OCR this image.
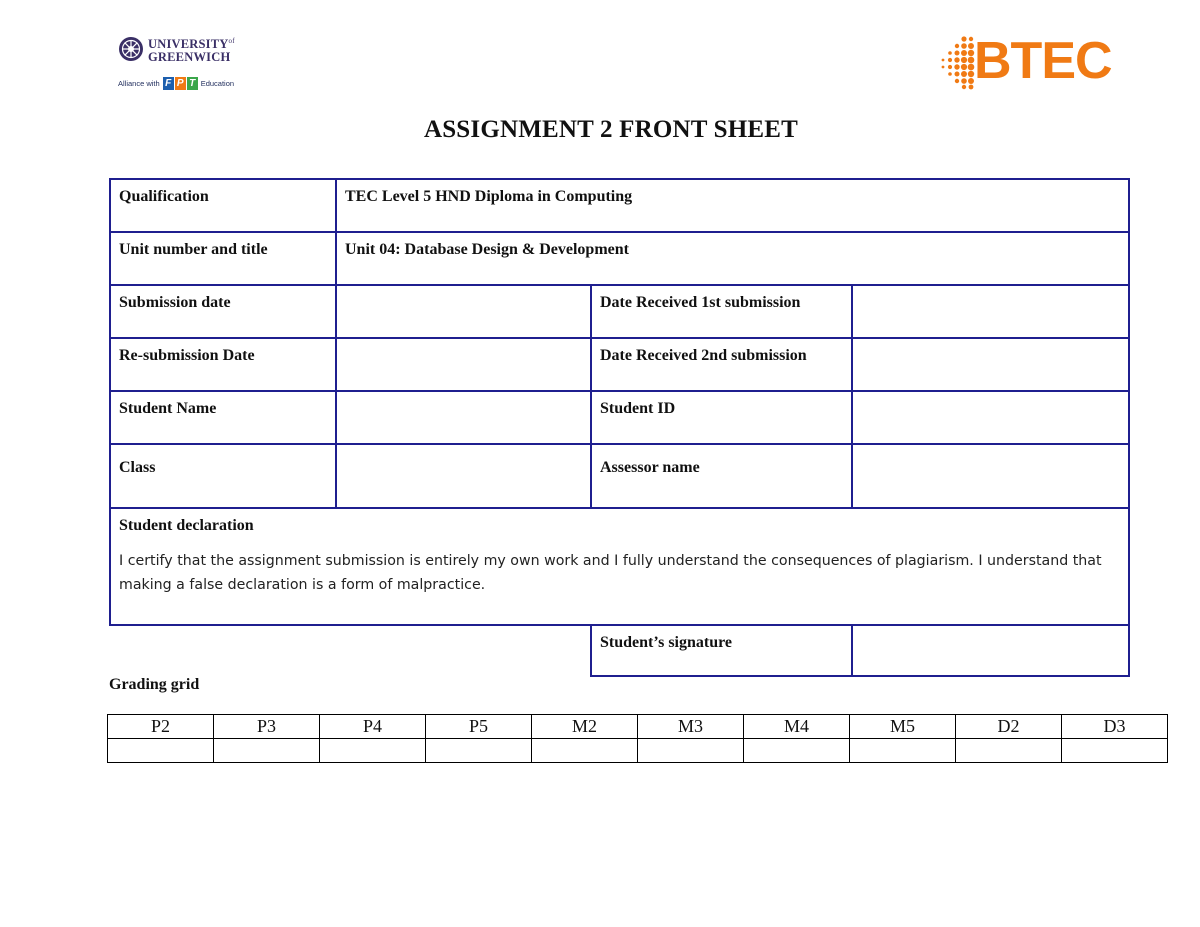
$UNIVERSITY^{of}$
GREENWICH
Alliance with F P T Education	BTEC
ASSIGNMENT 2 FRONT SHEET
Qualification	TEC Level 5 HND Diploma in Computing		
Unit number and title	Unit 04: Database Design & Development		
Submission date		Date Received 1st submission	
Re-submission Date		Date Received 2nd submission	
Student Name		Student ID	
Class		Assessor name	

Student declaration
I certify that the assignment submission is entirely my own work and I fully understand the consequences of plagiarism. I understand that making a false declaration is a form of malpractice.			

		Student’s signature	
Grading grid
P2	P3	P4	P5	M2	M3	M4	M5	D2	D3
